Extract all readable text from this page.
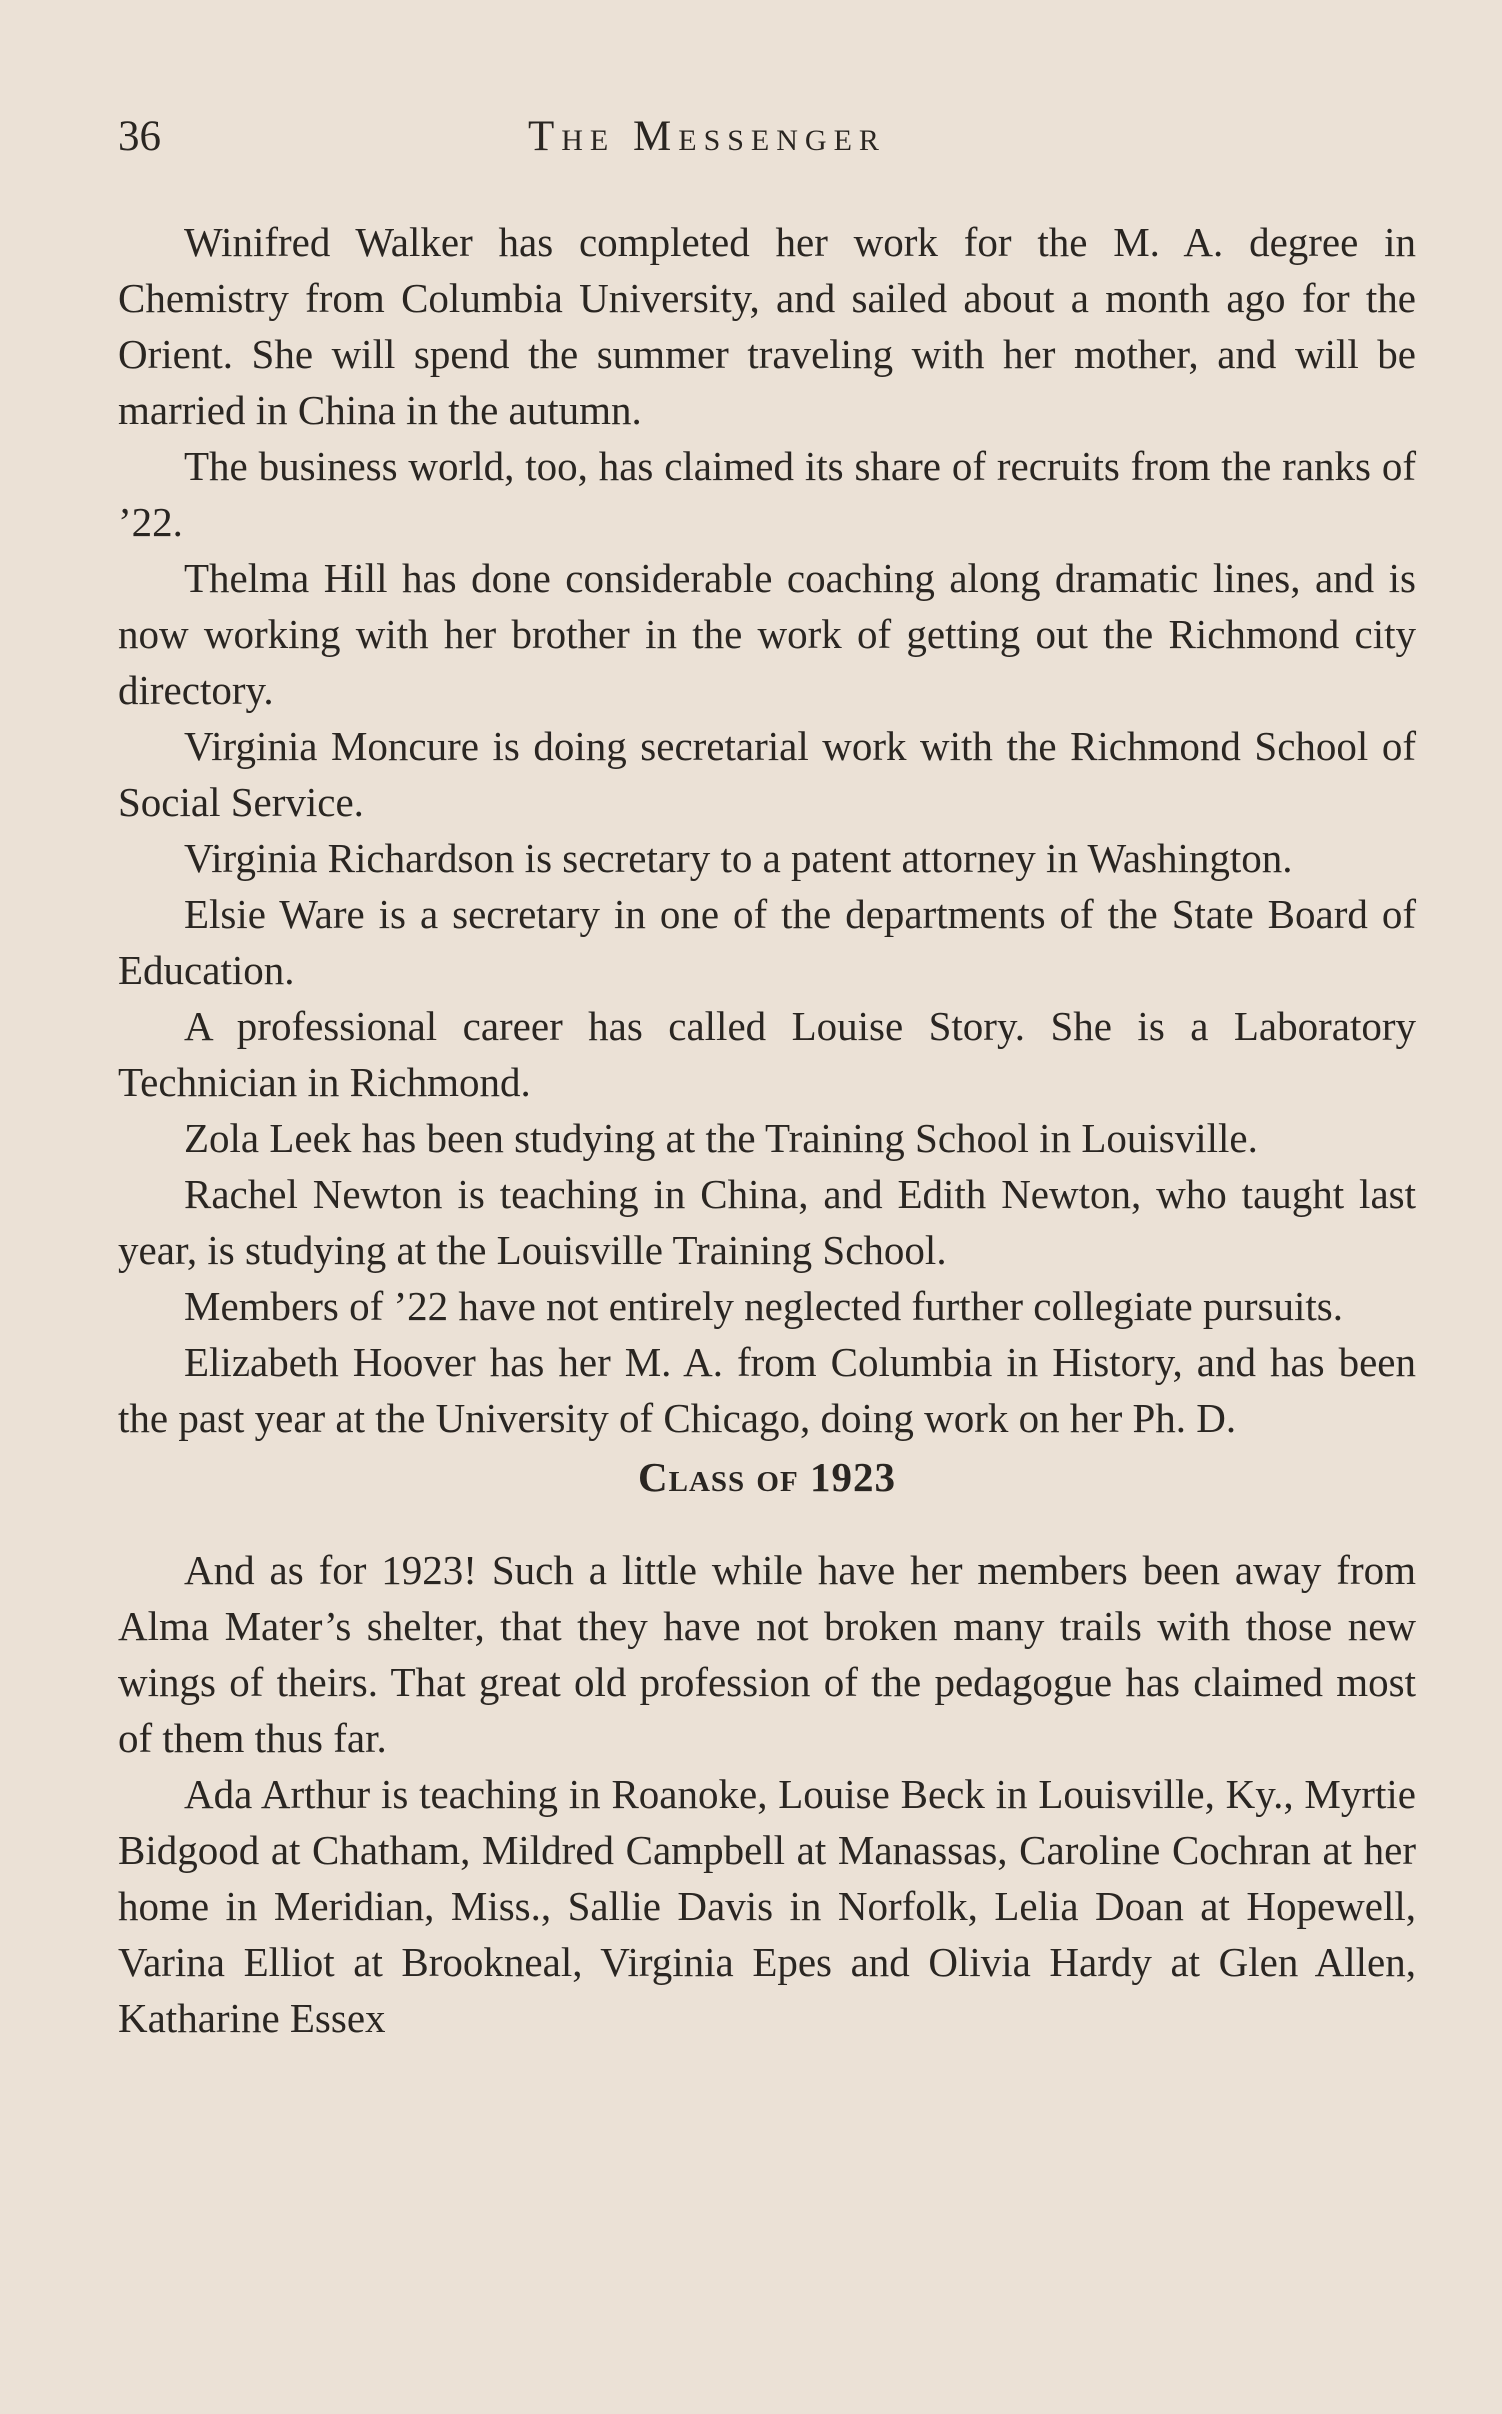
36	The Messenger

Winifred Walker has completed her work for the M. A. degree in Chemistry from Columbia University, and sailed about a month ago for the Orient. She will spend the summer traveling with her mother, and will be married in China in the autumn.

The business world, too, has claimed its share of recruits from the ranks of ’22.

Thelma Hill has done considerable coaching along dramatic lines, and is now working with her brother in the work of getting out the Richmond city directory.

Virginia Moncure is doing secretarial work with the Richmond School of Social Service.

Virginia Richardson is secretary to a patent attorney in Washington.

Elsie Ware is a secretary in one of the departments of the State Board of Education.

A professional career has called Louise Story. She is a Laboratory Technician in Richmond.

Zola Leek has been studying at the Training School in Louisville.

Rachel Newton is teaching in China, and Edith Newton, who taught last year, is studying at the Louisville Training School.

Members of ’22 have not entirely neglected further collegiate pursuits.

Elizabeth Hoover has her M. A. from Columbia in History, and has been the past year at the University of Chicago, doing work on her Ph. D.

Class of 1923

And as for 1923! Such a little while have her members been away from Alma Mater’s shelter, that they have not broken many trails with those new wings of theirs. That great old profession of the pedagogue has claimed most of them thus far.

Ada Arthur is teaching in Roanoke, Louise Beck in Louisville, Ky., Myrtie Bidgood at Chatham, Mildred Campbell at Manassas, Caroline Cochran at her home in Meridian, Miss., Sallie Davis in Norfolk, Lelia Doan at Hopewell, Varina Elliot at Brookneal, Virginia Epes and Olivia Hardy at Glen Allen, Katharine Essex
